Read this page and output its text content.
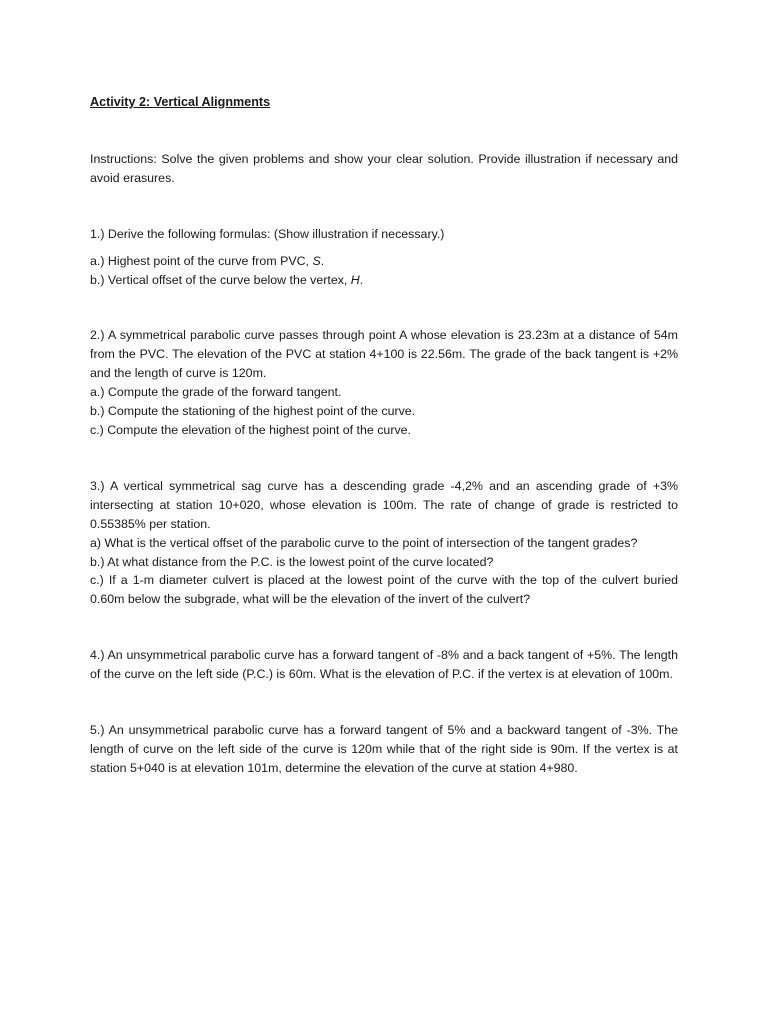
Activity 2: Vertical Alignments

Instructions: Solve the given problems and show your clear solution. Provide illustration if necessary and avoid erasures.

1.) Derive the following formulas: (Show illustration if necessary.)

a.) Highest point of the curve from PVC, S.

b.) Vertical offset of the curve below the vertex, H.

2.) A symmetrical parabolic curve passes through point A whose elevation is 23.23m at a distance of 54m from the PVC. The elevation of the PVC at station 4+100 is 22.56m. The grade of the back tangent is +2% and the length of curve is 120m.

a.) Compute the grade of the forward tangent.

b.) Compute the stationing of the highest point of the curve.

c.) Compute the elevation of the highest point of the curve.

3.) A vertical symmetrical sag curve has a descending grade -4,2% and an ascending grade of +3% intersecting at station 10+020, whose elevation is 100m. The rate of change of grade is restricted to 0.55385% per station.

a) What is the vertical offset of the parabolic curve to the point of intersection of the tangent grades?

b.) At what distance from the P.C. is the lowest point of the curve located?

c.) If a 1-m diameter culvert is placed at the lowest point of the curve with the top of the culvert buried 0.60m below the subgrade, what will be the elevation of the invert of the culvert?

4.) An unsymmetrical parabolic curve has a forward tangent of -8% and a back tangent of +5%. The length of the curve on the left side (P.C.) is 60m. What is the elevation of P.C. if the vertex is at elevation of 100m.

5.) An unsymmetrical parabolic curve has a forward tangent of 5% and a backward tangent of -3%. The length of curve on the left side of the curve is 120m while that of the right side is 90m. If the vertex is at station 5+040 is at elevation 101m, determine the elevation of the curve at station 4+980.
